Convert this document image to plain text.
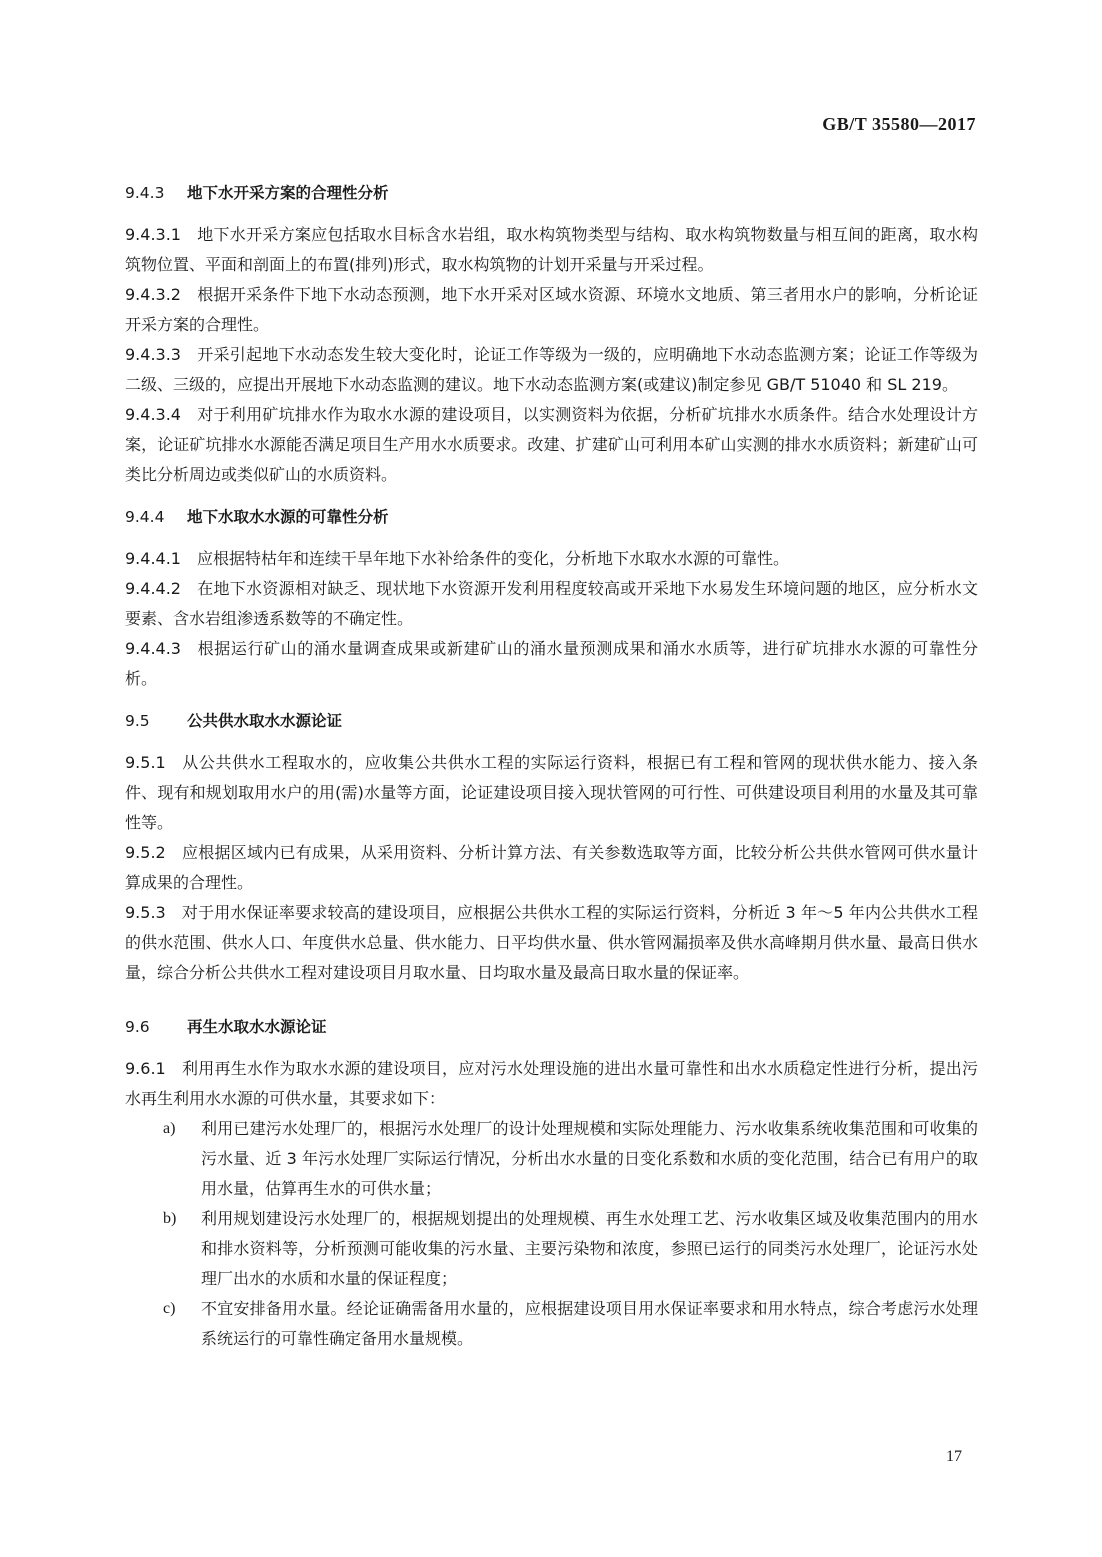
GB/T 35580—2017
9.4.3 地下水开采方案的合理性分析

9.4.3.1 地下水开采方案应包括取水目标含水岩组，取水构筑物类型与结构、取水构筑物数量与相互间的距离，取水构筑物位置、平面和剖面上的布置(排列)形式，取水构筑物的计划开采量与开采过程。

9.4.3.2 根据开采条件下地下水动态预测，地下水开采对区域水资源、环境水文地质、第三者用水户的影响，分析论证开采方案的合理性。

9.4.3.3 开采引起地下水动态发生较大变化时，论证工作等级为一级的，应明确地下水动态监测方案；论证工作等级为二级、三级的，应提出开展地下水动态监测的建议。地下水动态监测方案(或建议)制定参见 GB/T 51040 和 SL 219。

9.4.3.4 对于利用矿坑排水作为取水水源的建设项目，以实测资料为依据，分析矿坑排水水质条件。结合水处理设计方案，论证矿坑排水水源能否满足项目生产用水水质要求。改建、扩建矿山可利用本矿山实测的排水水质资料；新建矿山可类比分析周边或类似矿山的水质资料。

9.4.4 地下水取水水源的可靠性分析

9.4.4.1 应根据特枯年和连续干旱年地下水补给条件的变化，分析地下水取水水源的可靠性。

9.4.4.2 在地下水资源相对缺乏、现状地下水资源开发利用程度较高或开采地下水易发生环境问题的地区，应分析水文要素、含水岩组渗透系数等的不确定性。

9.4.4.3 根据运行矿山的涌水量调查成果或新建矿山的涌水量预测成果和涌水水质等，进行矿坑排水水源的可靠性分析。

9.5 公共供水取水水源论证

9.5.1 从公共供水工程取水的，应收集公共供水工程的实际运行资料，根据已有工程和管网的现状供水能力、接入条件、现有和规划取用水户的用(需)水量等方面，论证建设项目接入现状管网的可行性、可供建设项目利用的水量及其可靠性等。

9.5.2 应根据区域内已有成果，从采用资料、分析计算方法、有关参数选取等方面，比较分析公共供水管网可供水量计算成果的合理性。

9.5.3 对于用水保证率要求较高的建设项目，应根据公共供水工程的实际运行资料，分析近 3 年～5 年内公共供水工程的供水范围、供水人口、年度供水总量、供水能力、日平均供水量、供水管网漏损率及供水高峰期月供水量、最高日供水量，综合分析公共供水工程对建设项目月取水量、日均取水量及最高日取水量的保证率。

9.6 再生水取水水源论证

9.6.1 利用再生水作为取水水源的建设项目，应对污水处理设施的进出水量可靠性和出水水质稳定性进行分析，提出污水再生利用水水源的可供水量，其要求如下：

a) 利用已建污水处理厂的，根据污水处理厂的设计处理规模和实际处理能力、污水收集系统收集范围和可收集的污水量、近 3 年污水处理厂实际运行情况，分析出水水量的日变化系数和水质的变化范围，结合已有用户的取用水量，估算再生水的可供水量；
b) 利用规划建设污水处理厂的，根据规划提出的处理规模、再生水处理工艺、污水收集区域及收集范围内的用水和排水资料等，分析预测可能收集的污水量、主要污染物和浓度，参照已运行的同类污水处理厂，论证污水处理厂出水的水质和水量的保证程度；
c) 不宜安排备用水量。经论证确需备用水量的，应根据建设项目用水保证率要求和用水特点，综合考虑污水处理系统运行的可靠性确定备用水量规模。
17
